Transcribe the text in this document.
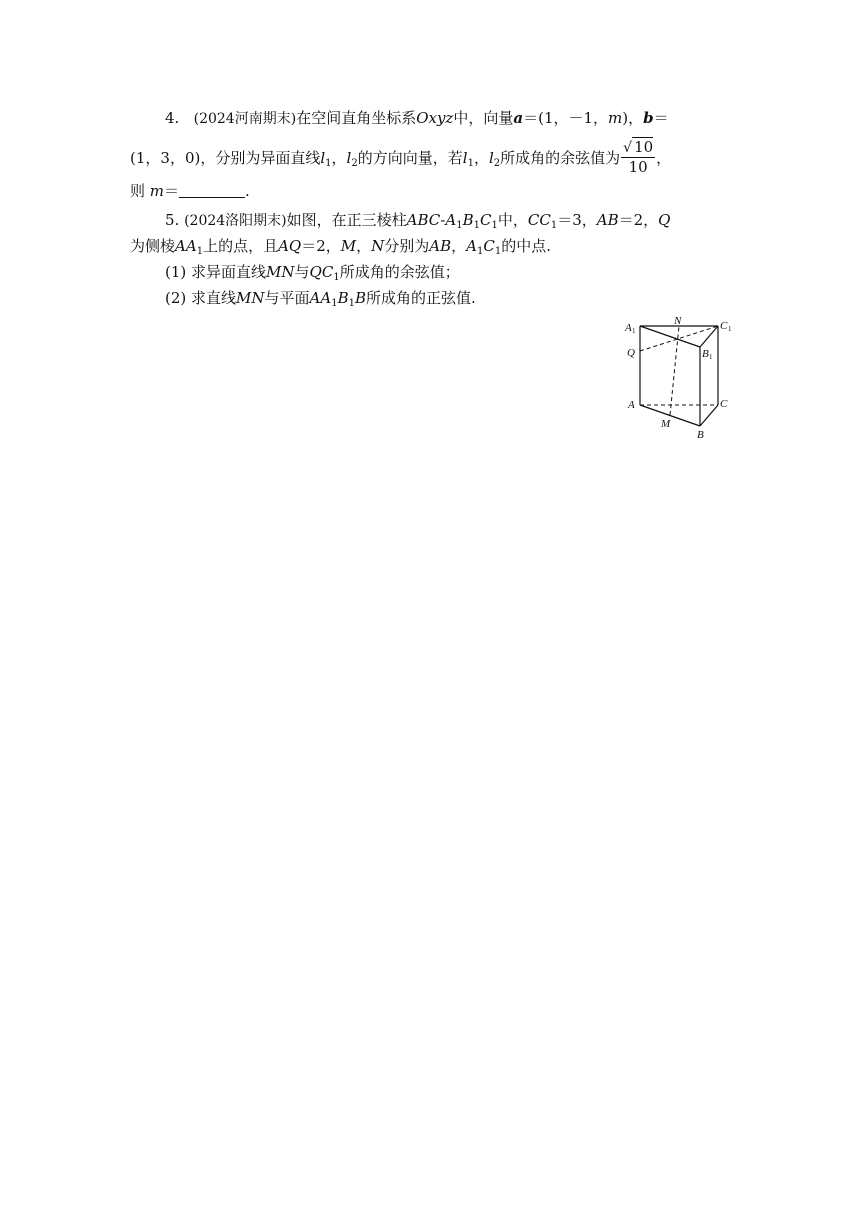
4. (2024河南期末)在空间直角坐标系Oxyz中，向量a＝(1，－1，m)，b＝
(1，3，0)，分别为异面直线$l_1$，$l_2$的方向向量，若$l_1$，$l_2$所成角的余弦值为 $\frac{√ 10}{10}$ ，
则 m＝	.
5. (2024洛阳期末)如图，在正三棱柱ABC-$A_1B_1C_1$中，$CC_1=3$，AB＝2，Q
为侧棱$AA_1$上的点，且AQ＝2，M，N分别为AB，$A_1C_1$的中点.
(1) 求异面直线MN与$QC_1$所成角的余弦值；
(2) 求直线MN与平面$AA_1B_1B$所成角的正弦值.
A 1
N	C 1
Q	B 1
A	C
M
B
